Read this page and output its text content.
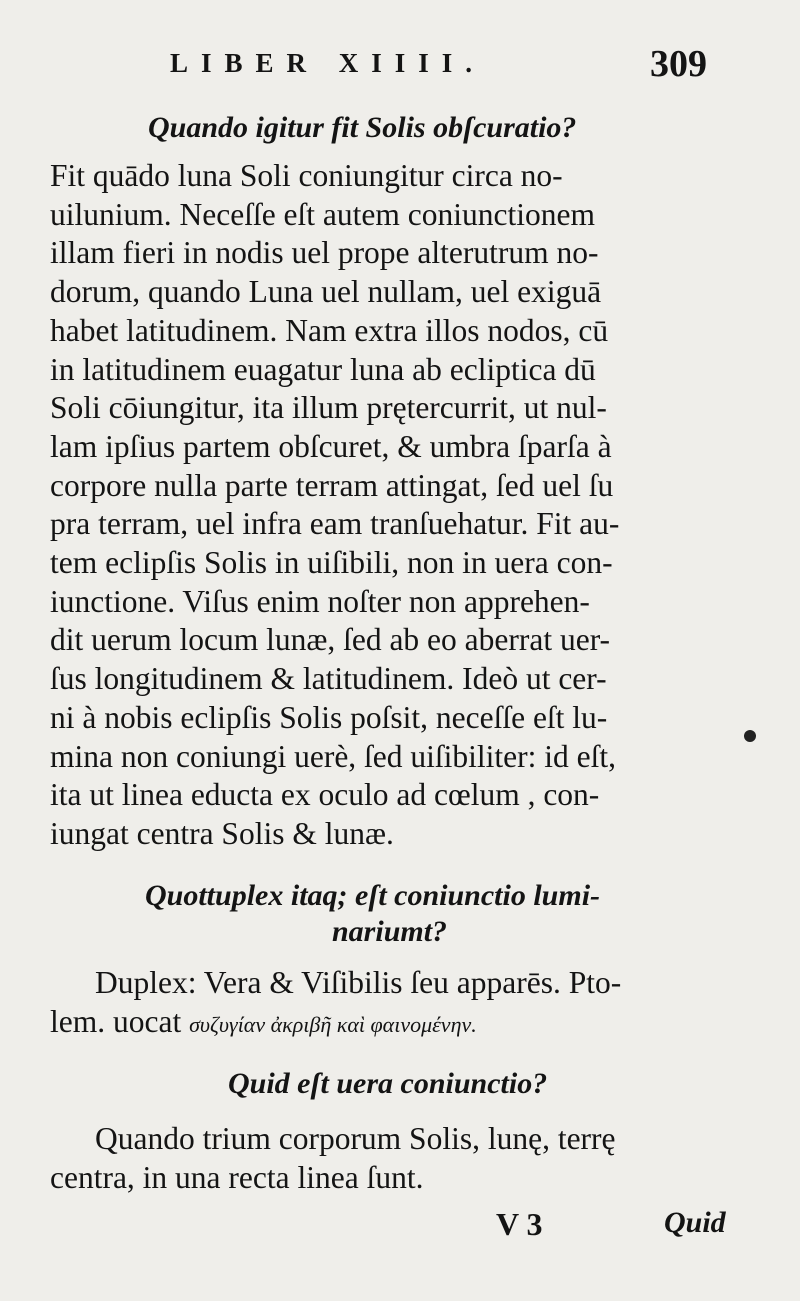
LIBER XIIII.	309
Quando igitur fit Solis obſcuratio?
Fit quādo luna Soli coniungitur circa no-
uilunium. Neceſſe eſt autem coniunctionem
illam fieri in nodis uel prope alterutrum no-
dorum, quando Luna uel nullam, uel exiguā
habet latitudinem. Nam extra illos nodos, cū
in latitudinem euagatur luna ab ecliptica dū
Soli cōiungitur, ita illum prętercurrit, ut nul-
lam ipſius partem obſcuret, & umbra ſparſa à
corpore nulla parte terram attingat, ſed uel ſu
pra terram, uel infra eam tranſuehatur. Fit au-
tem eclipſis Solis in uiſibili, non in uera con-
iunctione. Viſus enim noſter non apprehen-
dit uerum locum lunæ, ſed ab eo aberrat uer-
ſus longitudinem & latitudinem. Ideò ut cer-
ni à nobis eclipſis Solis poſsit, neceſſe eſt lu-
mina non coniungi uerè, ſed uiſibiliter: id eſt,
ita ut linea educta ex oculo ad cœlum , con-
iungat centra Solis & lunæ.
Quottuplex itaq; eſt coniunctio lumi-
nariumt?
Duplex: Vera & Viſibilis ſeu apparēs. Pto-
lem. uocat συζυγίαν ἀκριβῆ καὶ φαινομένην.
Quid eſt uera coniunctio?
Quando trium corporum Solis, lunę, terrę
centra, in una recta linea ſunt.
V 3	Quid
